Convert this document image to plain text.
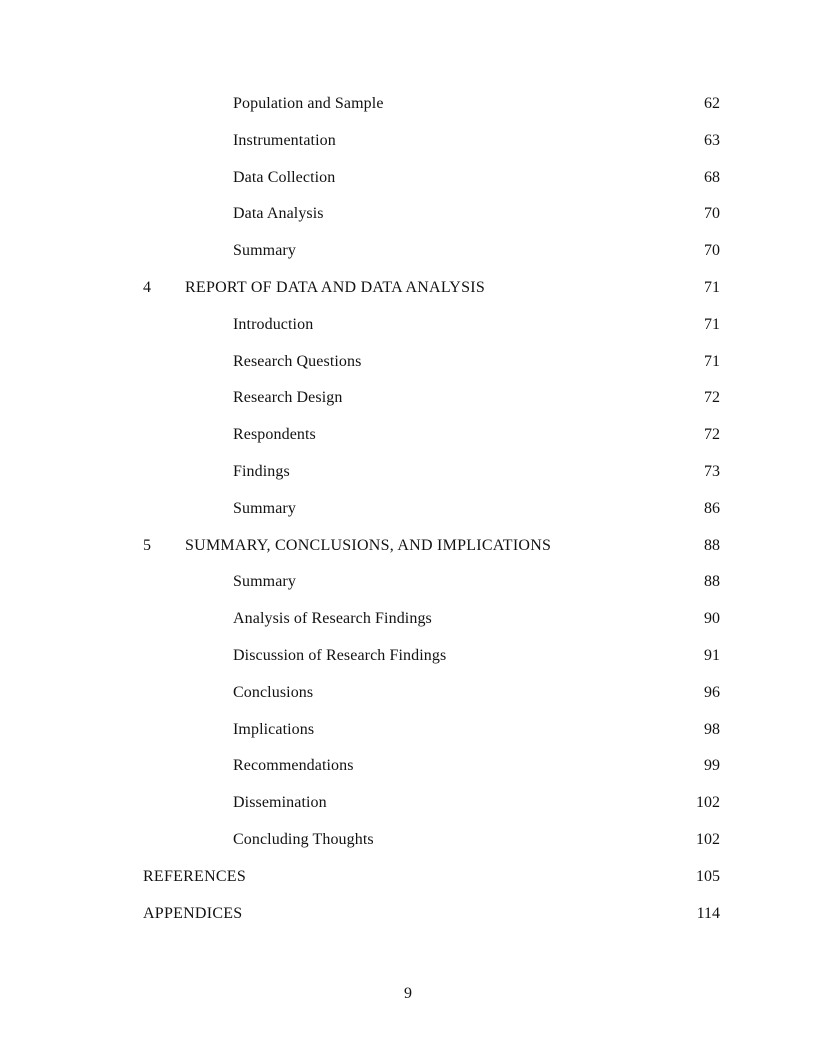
Population and Sample	62
Instrumentation	63
Data Collection	68
Data Analysis	70
Summary	70
4	REPORT OF DATA AND DATA ANALYSIS	71
Introduction	71
Research Questions	71
Research Design	72
Respondents	72
Findings	73
Summary	86
5	SUMMARY, CONCLUSIONS, AND IMPLICATIONS	88
Summary	88
Analysis of Research Findings	90
Discussion of Research Findings	91
Conclusions	96
Implications	98
Recommendations	99
Dissemination	102
Concluding Thoughts	102
REFERENCES	105
APPENDICES	114
9
